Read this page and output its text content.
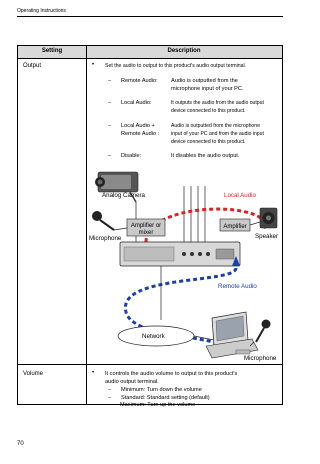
Operating Instructions
Setting	Description
Output	• Set the audio to output to this product's audio output terminal.
– Remote Audio: Audio is outputted from the
microphone input of your PC.
– Local Audio:	It outputs the audio from the audio output
device connected to this product.
– Local Audio +
Remote Audio :
Audio is outputted from the microphone
input of your PC and from the audio input
device connected to this product.
– Disable:	It disables the audio output.
Analog Camera	Local Audio
Speaker
Microphone
Amplifier or
mixer
Amplifier
Remote Audio
Network
Microphone
Volume	• It controls the audio volume to output to this product's
audio output terminal.
– Minimum: Turn down the volume
– Standard: Standard setting (default)
– Maximum: Turn up the volume
70
